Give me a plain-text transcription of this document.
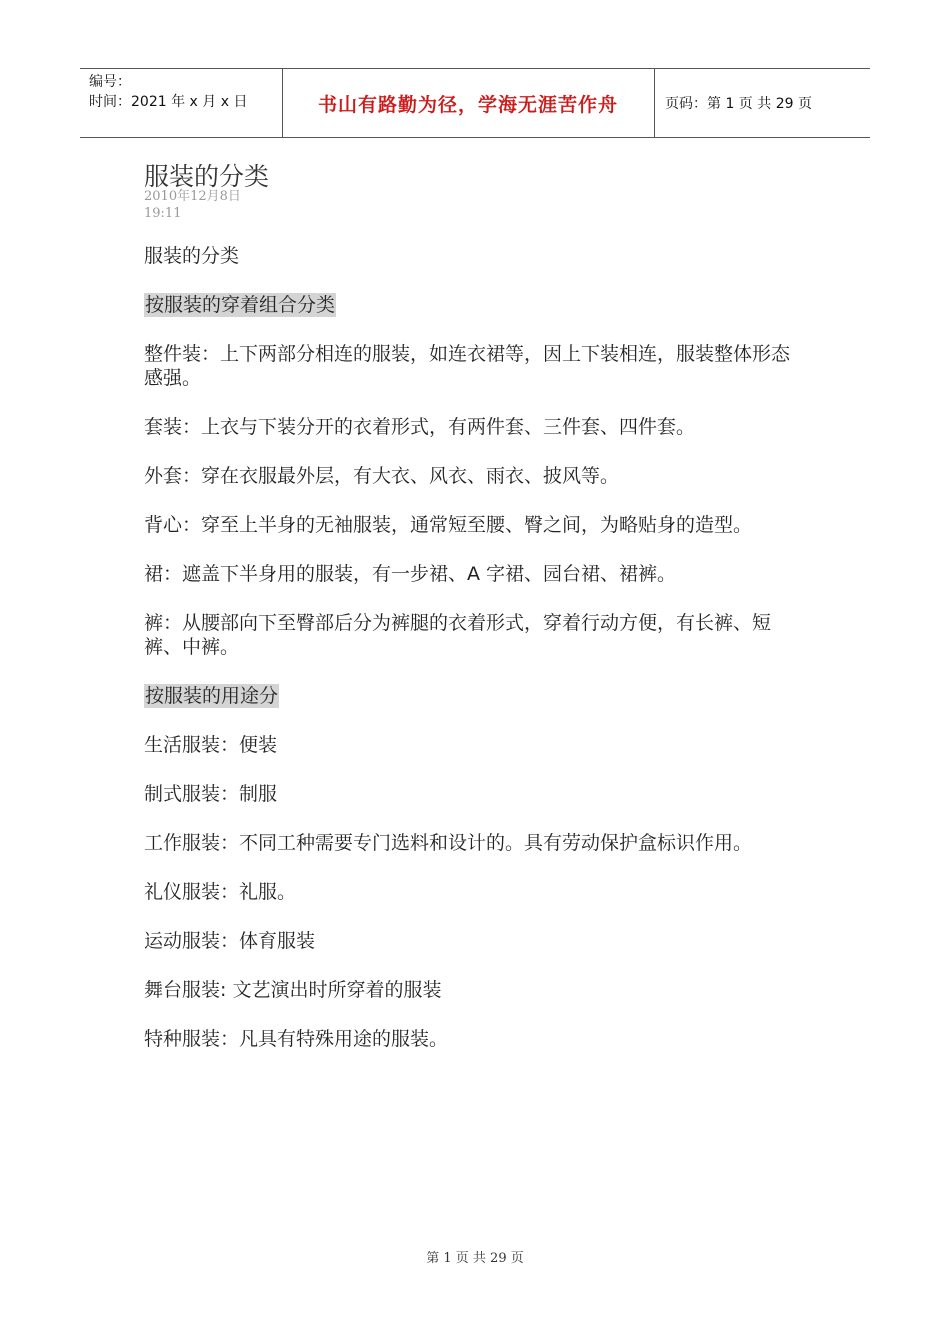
编号：
时间：2021 年 x 月 x 日	书山有路勤为径，学海无涯苦作舟	页码：第 1 页 共 29 页
服装的分类
2010年12月8日
19:11

服装的分类

按服装的穿着组合分类

整件装：上下两部分相连的服装，如连衣裙等，因上下装相连，服装整体形态感强。

套装：上衣与下装分开的衣着形式，有两件套、三件套、四件套。

外套：穿在衣服最外层，有大衣、风衣、雨衣、披风等。

背心：穿至上半身的无袖服装，通常短至腰、臀之间，为略贴身的造型。

裙：遮盖下半身用的服装，有一步裙、A 字裙、园台裙、裙裤。

裤：从腰部向下至臀部后分为裤腿的衣着形式，穿着行动方便，有长裤、短裤、中裤。

按服装的用途分

生活服装：便装

制式服装：制服

工作服装：不同工种需要专门选料和设计的。具有劳动保护盒标识作用。

礼仪服装：礼服。

运动服装：体育服装

舞台服装: 文艺演出时所穿着的服装

特种服装：凡具有特殊用途的服装。

第 1 页 共 29 页
